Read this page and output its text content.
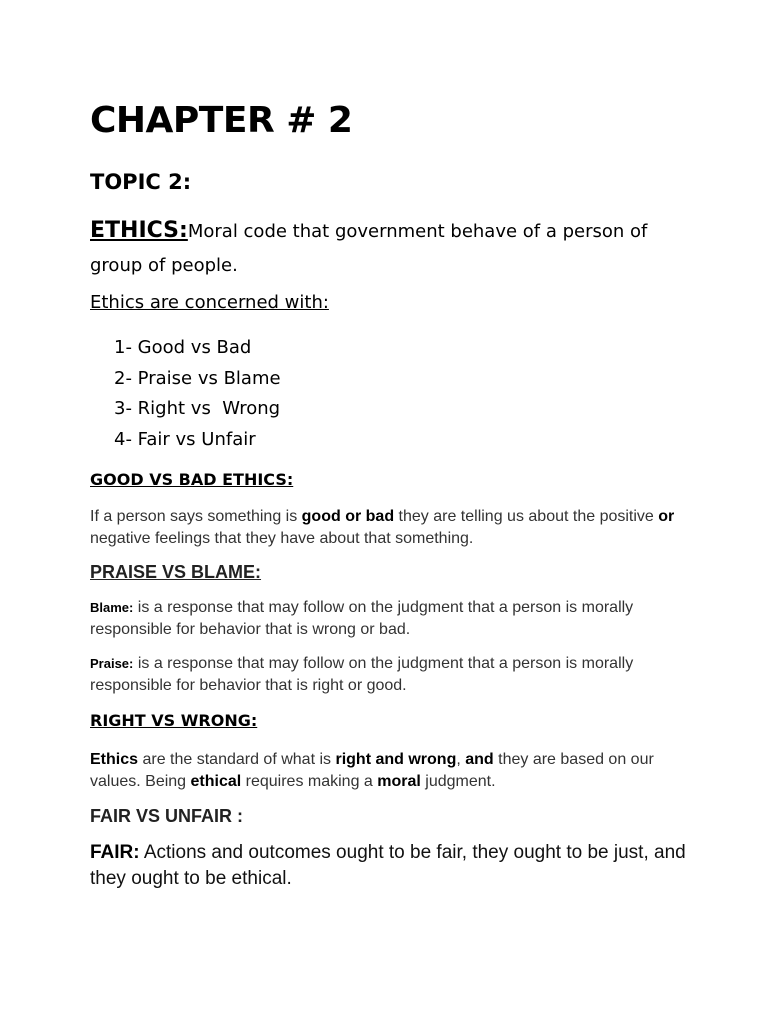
CHAPTER # 2
TOPIC 2:
ETHICS:Moral code that government behave of a person of group of people.
Ethics are concerned with:
1- Good vs Bad
2- Praise vs Blame
3- Right vs  Wrong
4- Fair vs Unfair
GOOD VS BAD ETHICS:
If a person says something is good or bad they are telling us about the positive or negative feelings that they have about that something.
PRAISE VS BLAME:
Blame: is a response that may follow on the judgment that a person is morally responsible for behavior that is wrong or bad.
Praise: is a response that may follow on the judgment that a person is morally responsible for behavior that is right or good.
RIGHT VS WRONG:
Ethics are the standard of what is right and wrong, and they are based on our values. Being ethical requires making a moral judgment.
FAIR VS UNFAIR :
FAIR: Actions and outcomes ought to be fair, they ought to be just, and they ought to be ethical.
